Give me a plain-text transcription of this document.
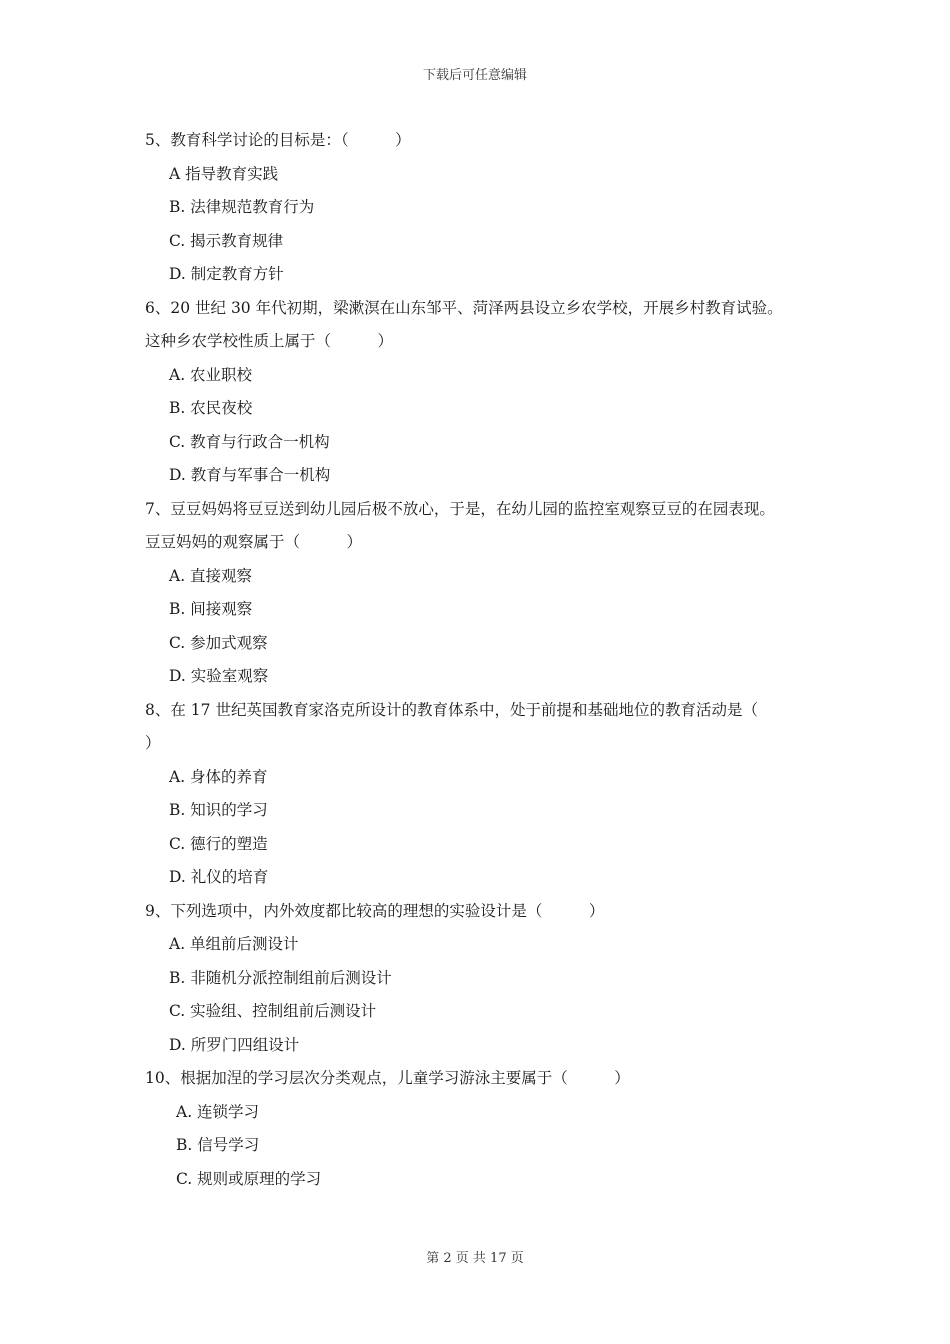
下载后可任意编辑
5、教育科学讨论的目标是：（　　　）
A 指导教育实践
B. 法律规范教育行为
C. 揭示教育规律
D. 制定教育方针
6、20 世纪 30 年代初期，梁漱溟在山东邹平、菏泽两县设立乡农学校，开展乡村教育试验。
这种乡农学校性质上属于（　　　）
A. 农业职校
B. 农民夜校
C. 教育与行政合一机构
D. 教育与军事合一机构
7、豆豆妈妈将豆豆送到幼儿园后极不放心，于是，在幼儿园的监控室观察豆豆的在园表现。
豆豆妈妈的观察属于（　　　）
A. 直接观察
B. 间接观察
C. 参加式观察
D. 实验室观察
8、在 17 世纪英国教育家洛克所设计的教育体系中，处于前提和基础地位的教育活动是（
）
A. 身体的养育
B. 知识的学习
C. 德行的塑造
D. 礼仪的培育
9、下列选项中，内外效度都比较高的理想的实验设计是（　　　）
A. 单组前后测设计
B. 非随机分派控制组前后测设计
C. 实验组、控制组前后测设计
D. 所罗门四组设计
10、根据加涅的学习层次分类观点，儿童学习游泳主要属于（　　　）
A. 连锁学习
B. 信号学习
C. 规则或原理的学习
第 2 页 共 17 页
